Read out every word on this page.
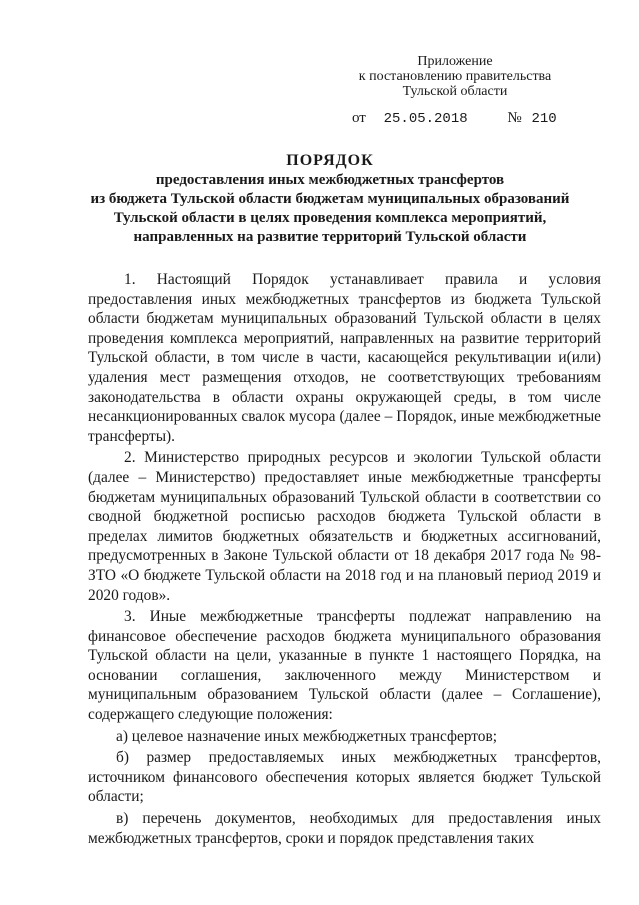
Приложение
к постановлению правительства
Тульской области
от 25.05.2018	№ 210
ПОРЯДОК
предоставления иных межбюджетных трансфертов
из бюджета Тульской области бюджетам муниципальных образований
Тульской области в целях проведения комплекса мероприятий,
направленных на развитие территорий Тульской области

1. Настоящий Порядок устанавливает правила и условия предоставления иных межбюджетных трансфертов из бюджета Тульской области бюджетам муниципальных образований Тульской области в целях проведения комплекса мероприятий, направленных на развитие территорий Тульской области, в том числе в части, касающейся рекультивации и(или) удаления мест размещения отходов, не соответствующих требованиям законодательства в области охраны окружающей среды, в том числе несанкционированных свалок мусора (далее – Порядок, иные межбюджетные трансферты).

2. Министерство природных ресурсов и экологии Тульской области (далее – Министерство) предоставляет иные межбюджетные трансферты бюджетам муниципальных образований Тульской области в соответствии со сводной бюджетной росписью расходов бюджета Тульской области в пределах лимитов бюджетных обязательств и бюджетных ассигнований, предусмотренных в Законе Тульской области от 18 декабря 2017 года № 98-ЗТО «О бюджете Тульской области на 2018 год и на плановый период 2019 и 2020 годов».

3. Иные межбюджетные трансферты подлежат направлению на финансовое обеспечение расходов бюджета муниципального образования Тульской области на цели, указанные в пункте 1 настоящего Порядка, на основании соглашения, заключенного между Министерством и муниципальным образованием Тульской области (далее – Соглашение), содержащего следующие положения:

а) целевое назначение иных межбюджетных трансфертов;

б) размер предоставляемых иных межбюджетных трансфертов, источником финансового обеспечения которых является бюджет Тульской области;

в) перечень документов, необходимых для предоставления иных межбюджетных трансфертов, сроки и порядок представления таких
